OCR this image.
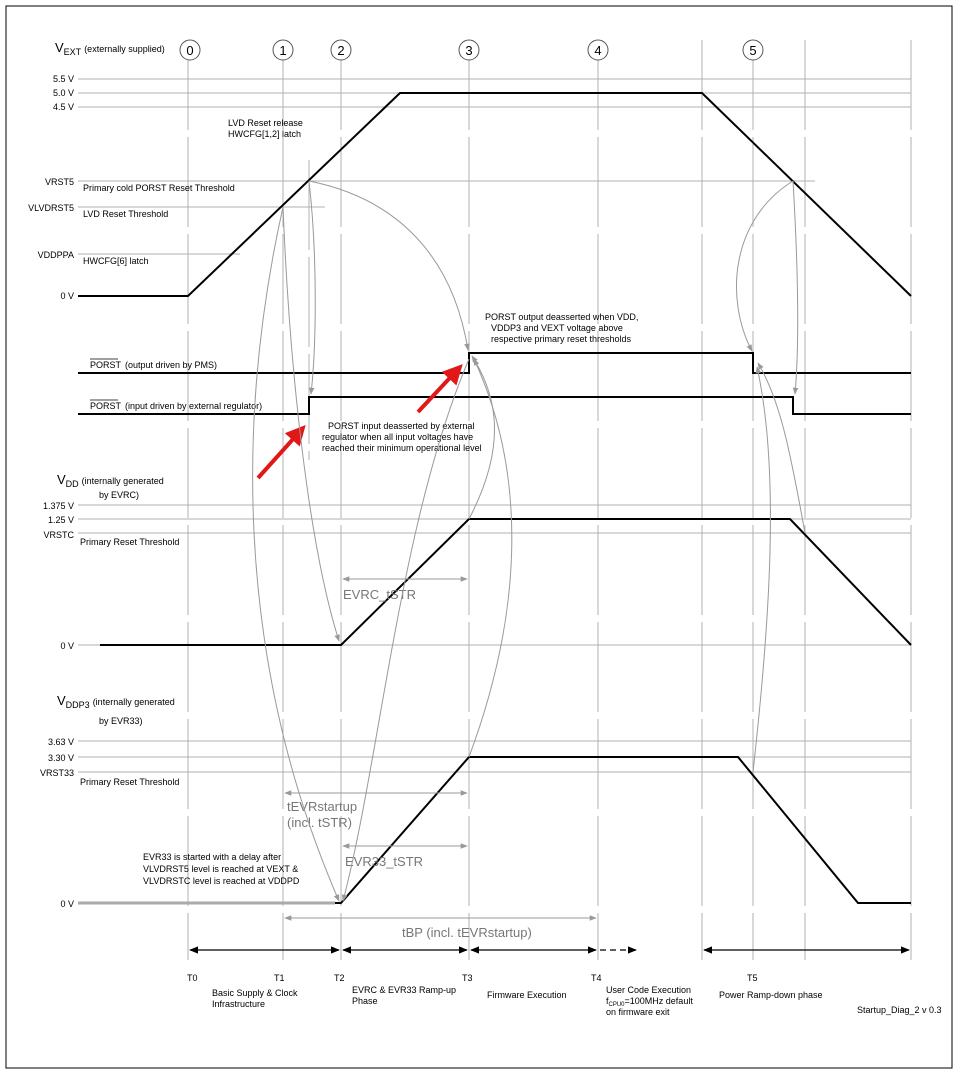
0	1	2	3	4	5
VEXT (externally supplied)
5.5 V
5.0 V
4.5 V
VRST5
VLVDRST5
VDDPPA
0 V
Primary cold PORST Reset Threshold
LVD Reset Threshold
HWCFG[6] latch
LVD Reset release
HWCFG[1,2] latch
PORST (output driven by PMS)
PORST (input driven by external regulator)
PORST output deasserted when VDD,
VDDP3 and VEXT voltage above
respective primary reset thresholds
PORST input deasserted by external
regulator when all input voltages have
reached their minimum operational level
VDD (internally generated
by EVRC)
1.375 V
1.25 V
VRSTC
0 V
Primary Reset Threshold
EVRC_tSTR
VDDP3 (internally generated
by EVR33)
3.63 V
3.30 V
VRST33
0 V
Primary Reset Threshold
tEVRstartup
(incl. tSTR)
EVR33_tSTR
EVR33 is started with a delay after
VLVDRST5 level is reached at VEXT &
VLVDRSTC level is reached at VDDPD
tBP (incl. tEVRstartup)
T0	T1	T2	T3	T4	T5
Basic Supply & Clock
Infrastructure
EVRC & EVR33 Ramp-up
Phase
Firmware Execution	User Code Execution
$f_{CPU0}=100MHz$ default
on firmware exit
Power Ramp-down phase
Startup_Diag_2 v 0.3
